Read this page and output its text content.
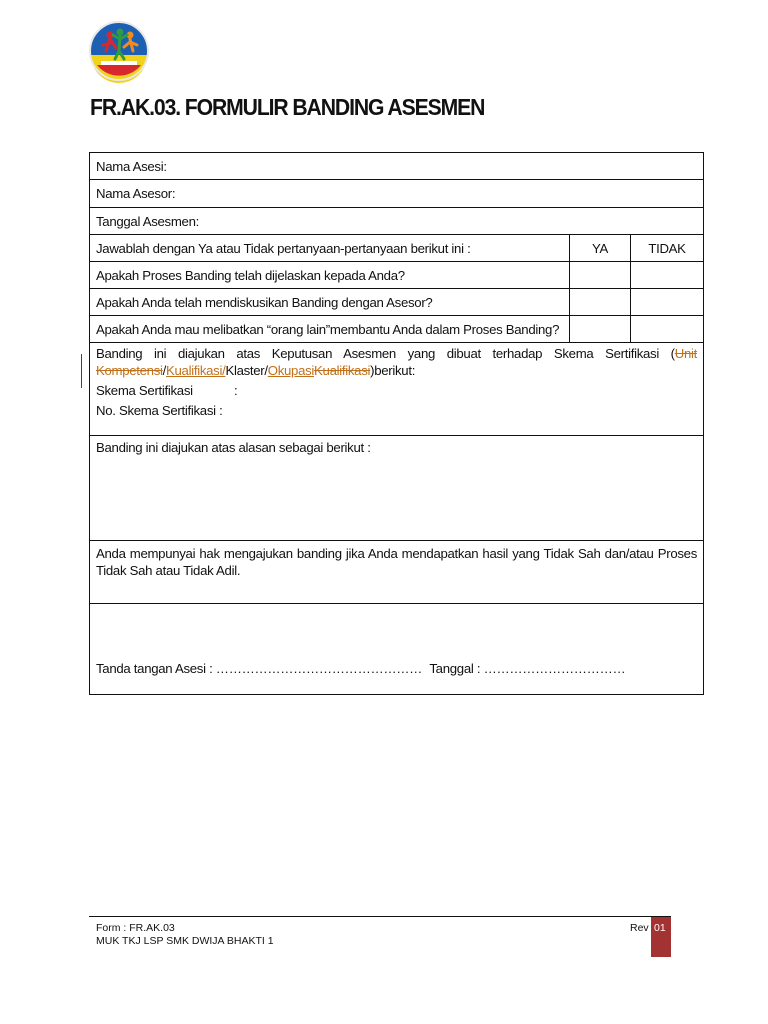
FR.AK.03. FORMULIR BANDING ASESMEN
Nama Asesi:		
Nama Asesor:		
Tanggal Asesmen:		
Jawablah dengan Ya atau Tidak pertanyaan-pertanyaan berikut ini :	YA	TIDAK
Apakah Proses Banding telah dijelaskan kepada Anda?		
Apakah Anda telah mendiskusikan Banding dengan Asesor?		
Apakah Anda mau melibatkan “orang lain”membantu Anda dalam Proses Banding?		

Banding ini diajukan atas Keputusan Asesmen yang dibuat terhadap Skema Sertifikasi (Unit Kompetensi/Kualifikasi/Klaster/OkupasiKualifikasi)berikut:
Skema Sertifikasi :
No. Skema Sertifikasi :		

Banding ini diajukan atas alasan sebagai berikut :		

Anda mempunyai hak mengajukan banding jika Anda mendapatkan hasil yang Tidak Sah dan/atau Proses Tidak Sah atau Tidak Adil.		

Tanda tangan Asesi : ………………………………………… Tanggal : ……………………………		
Form : FR.AK.03
MUK TKJ LSP SMK DWIJA BHAKTI 1
Rev 01
